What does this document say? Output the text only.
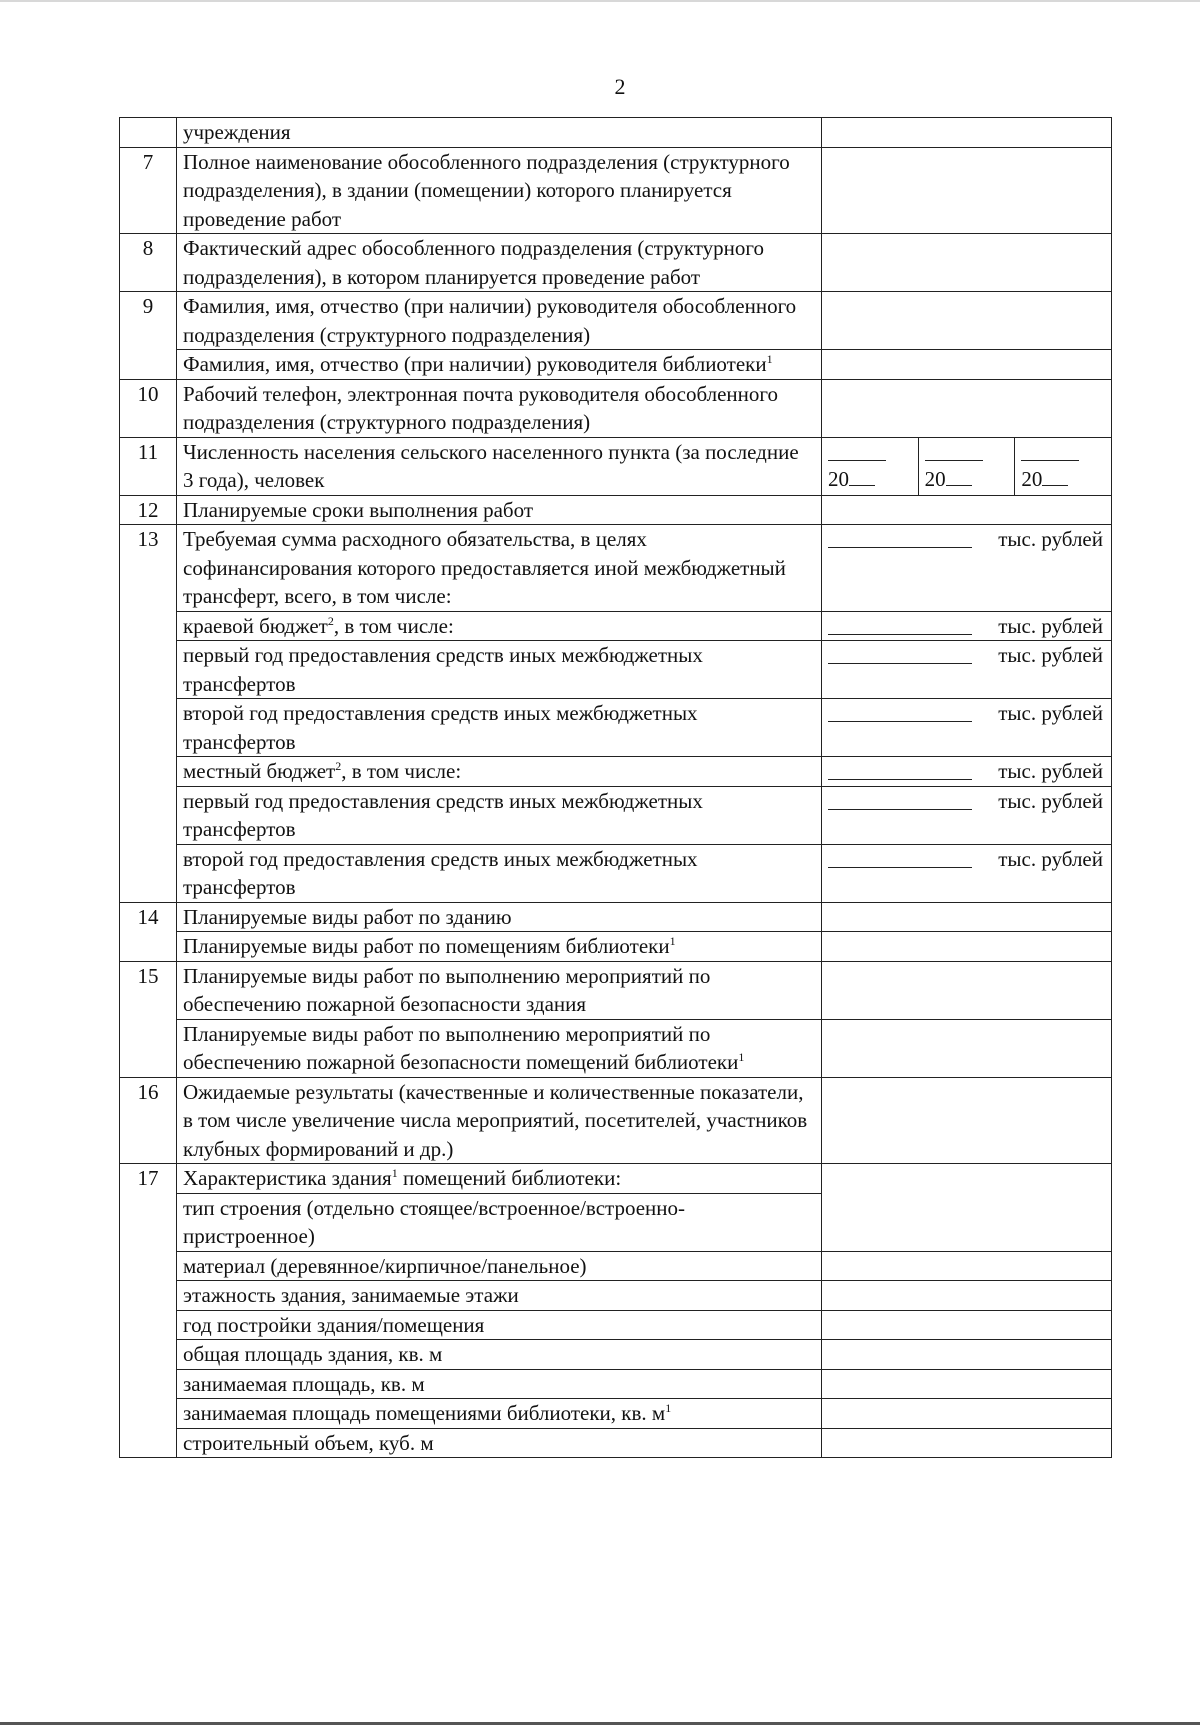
2
	учреждения	
7	Полное наименование обособленного подразделения (структурного подразделения), в здании (помещении) которого планируется проведение работ	
8	Фактический адрес обособленного подразделения (структурного подразделения), в котором планируется проведение работ	
9	Фамилия, имя, отчество (при наличии) руководителя обособленного подразделения (структурного подразделения)	
	Фамилия, имя, отчество (при наличии) руководителя библиотеки$^1$	
10	Рабочий телефон, электронная почта руководителя обособленного подразделения (структурного подразделения)	
11	Численность населения сельского населенного пункта (за последние 3 года), человек	20 20 20

12	Планируемые сроки выполнения работ	
13	Требуемая сумма расходного обязательства, в целях софинансирования которого предоставляется иной межбюджетный трансферт, всего, в том числе:	тыс. рублей

	краевой бюджет$^2$, в том числе:	тыс. рублей

	первый год предоставления средств иных межбюджетных трансфертов	тыс. рублей

	второй год предоставления средств иных межбюджетных трансфертов	тыс. рублей

	местный бюджет$^2$, в том числе:	тыс. рублей

	первый год предоставления средств иных межбюджетных трансфертов	тыс. рублей

	второй год предоставления средств иных межбюджетных трансфертов	тыс. рублей

14	Планируемые виды работ по зданию	
	Планируемые виды работ по помещениям библиотеки$^1$	
15	Планируемые виды работ по выполнению мероприятий по обеспечению пожарной безопасности здания	
	Планируемые виды работ по выполнению мероприятий по обеспечению пожарной безопасности помещений библиотеки$^1$	
16	Ожидаемые результаты (качественные и количественные показатели, в том числе увеличение числа мероприятий, посетителей, участников клубных формирований и др.)	
17	Характеристика здания$^1$ помещений библиотеки:	
	тип строения (отдельно стоящее/встроенное/встроенно-пристроенное)	
	материал (деревянное/кирпичное/панельное)	
	этажность здания, занимаемые этажи	
	год постройки здания/помещения	
	общая площадь здания, кв. м	
	занимаемая площадь, кв. м	
	занимаемая площадь помещениями библиотеки, кв. $м^1$	
	строительный объем, куб. м	
